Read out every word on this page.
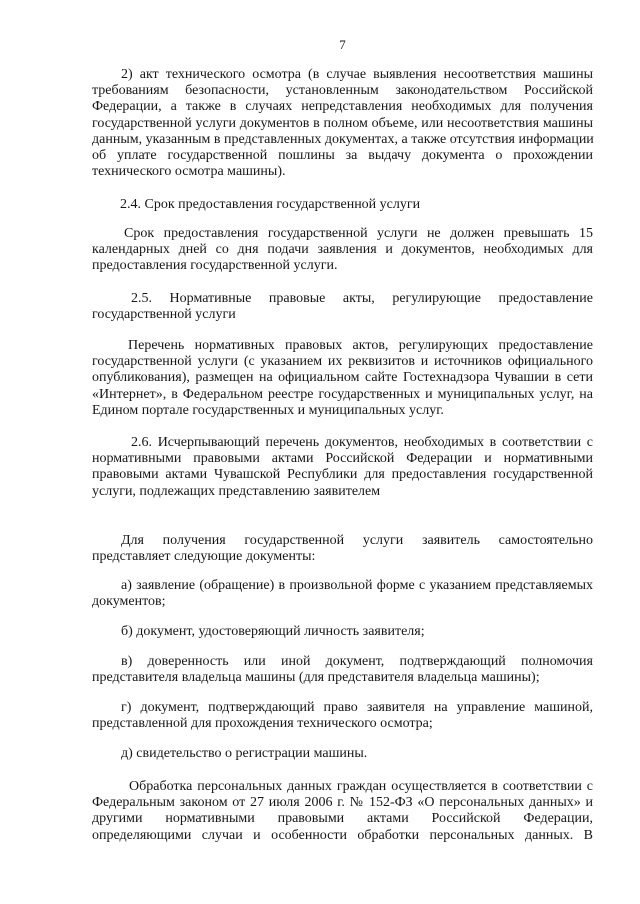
7
2) акт технического осмотра (в случае выявления несоответствия машины
требованиям безопасности, установленным законодательством Российской
Федерации, а также в случаях непредставления необходимых для получения
государственной услуги документов в полном объеме, или несоответствия машины
данным, указанным в представленных документах, а также отсутствия информации
об уплате государственной пошлины за выдачу документа о прохождении
технического осмотра машины).
2.4. Срок предоставления государственной услуги
Срок предоставления государственной услуги не должен превышать 15
календарных дней со дня подачи заявления и документов, необходимых для
предоставления государственной услуги.
2.5. Нормативные правовые акты, регулирующие предоставление
государственной услуги
Перечень нормативных правовых актов, регулирующих предоставление
государственной услуги (с указанием их реквизитов и источников официального
опубликования), размещен на официальном сайте Гостехнадзора Чувашии в сети
«Интернет», в Федеральном реестре государственных и муниципальных услуг, на
Едином портале государственных и муниципальных услуг.
2.6. Исчерпывающий перечень документов, необходимых в соответствии с
нормативными правовыми актами Российской Федерации и нормативными
правовыми актами Чувашской Республики для предоставления государственной
услуги, подлежащих представлению заявителем
Для получения государственной услуги заявитель самостоятельно
представляет следующие документы:
а) заявление (обращение) в произвольной форме с указанием представляемых
документов;
б) документ, удостоверяющий личность заявителя;
в) доверенность или иной документ, подтверждающий полномочия
представителя владельца машины (для представителя владельца машины);
г) документ, подтверждающий право заявителя на управление машиной,
представленной для прохождения технического осмотра;
д) свидетельство о регистрации машины.
Обработка персональных данных граждан осуществляется в соответствии с
Федеральным законом от 27 июля 2006 г. № 152-ФЗ «О персональных данных» и
другими нормативными правовыми актами Российской Федерации,
определяющими случаи и особенности обработки персональных данных. В
